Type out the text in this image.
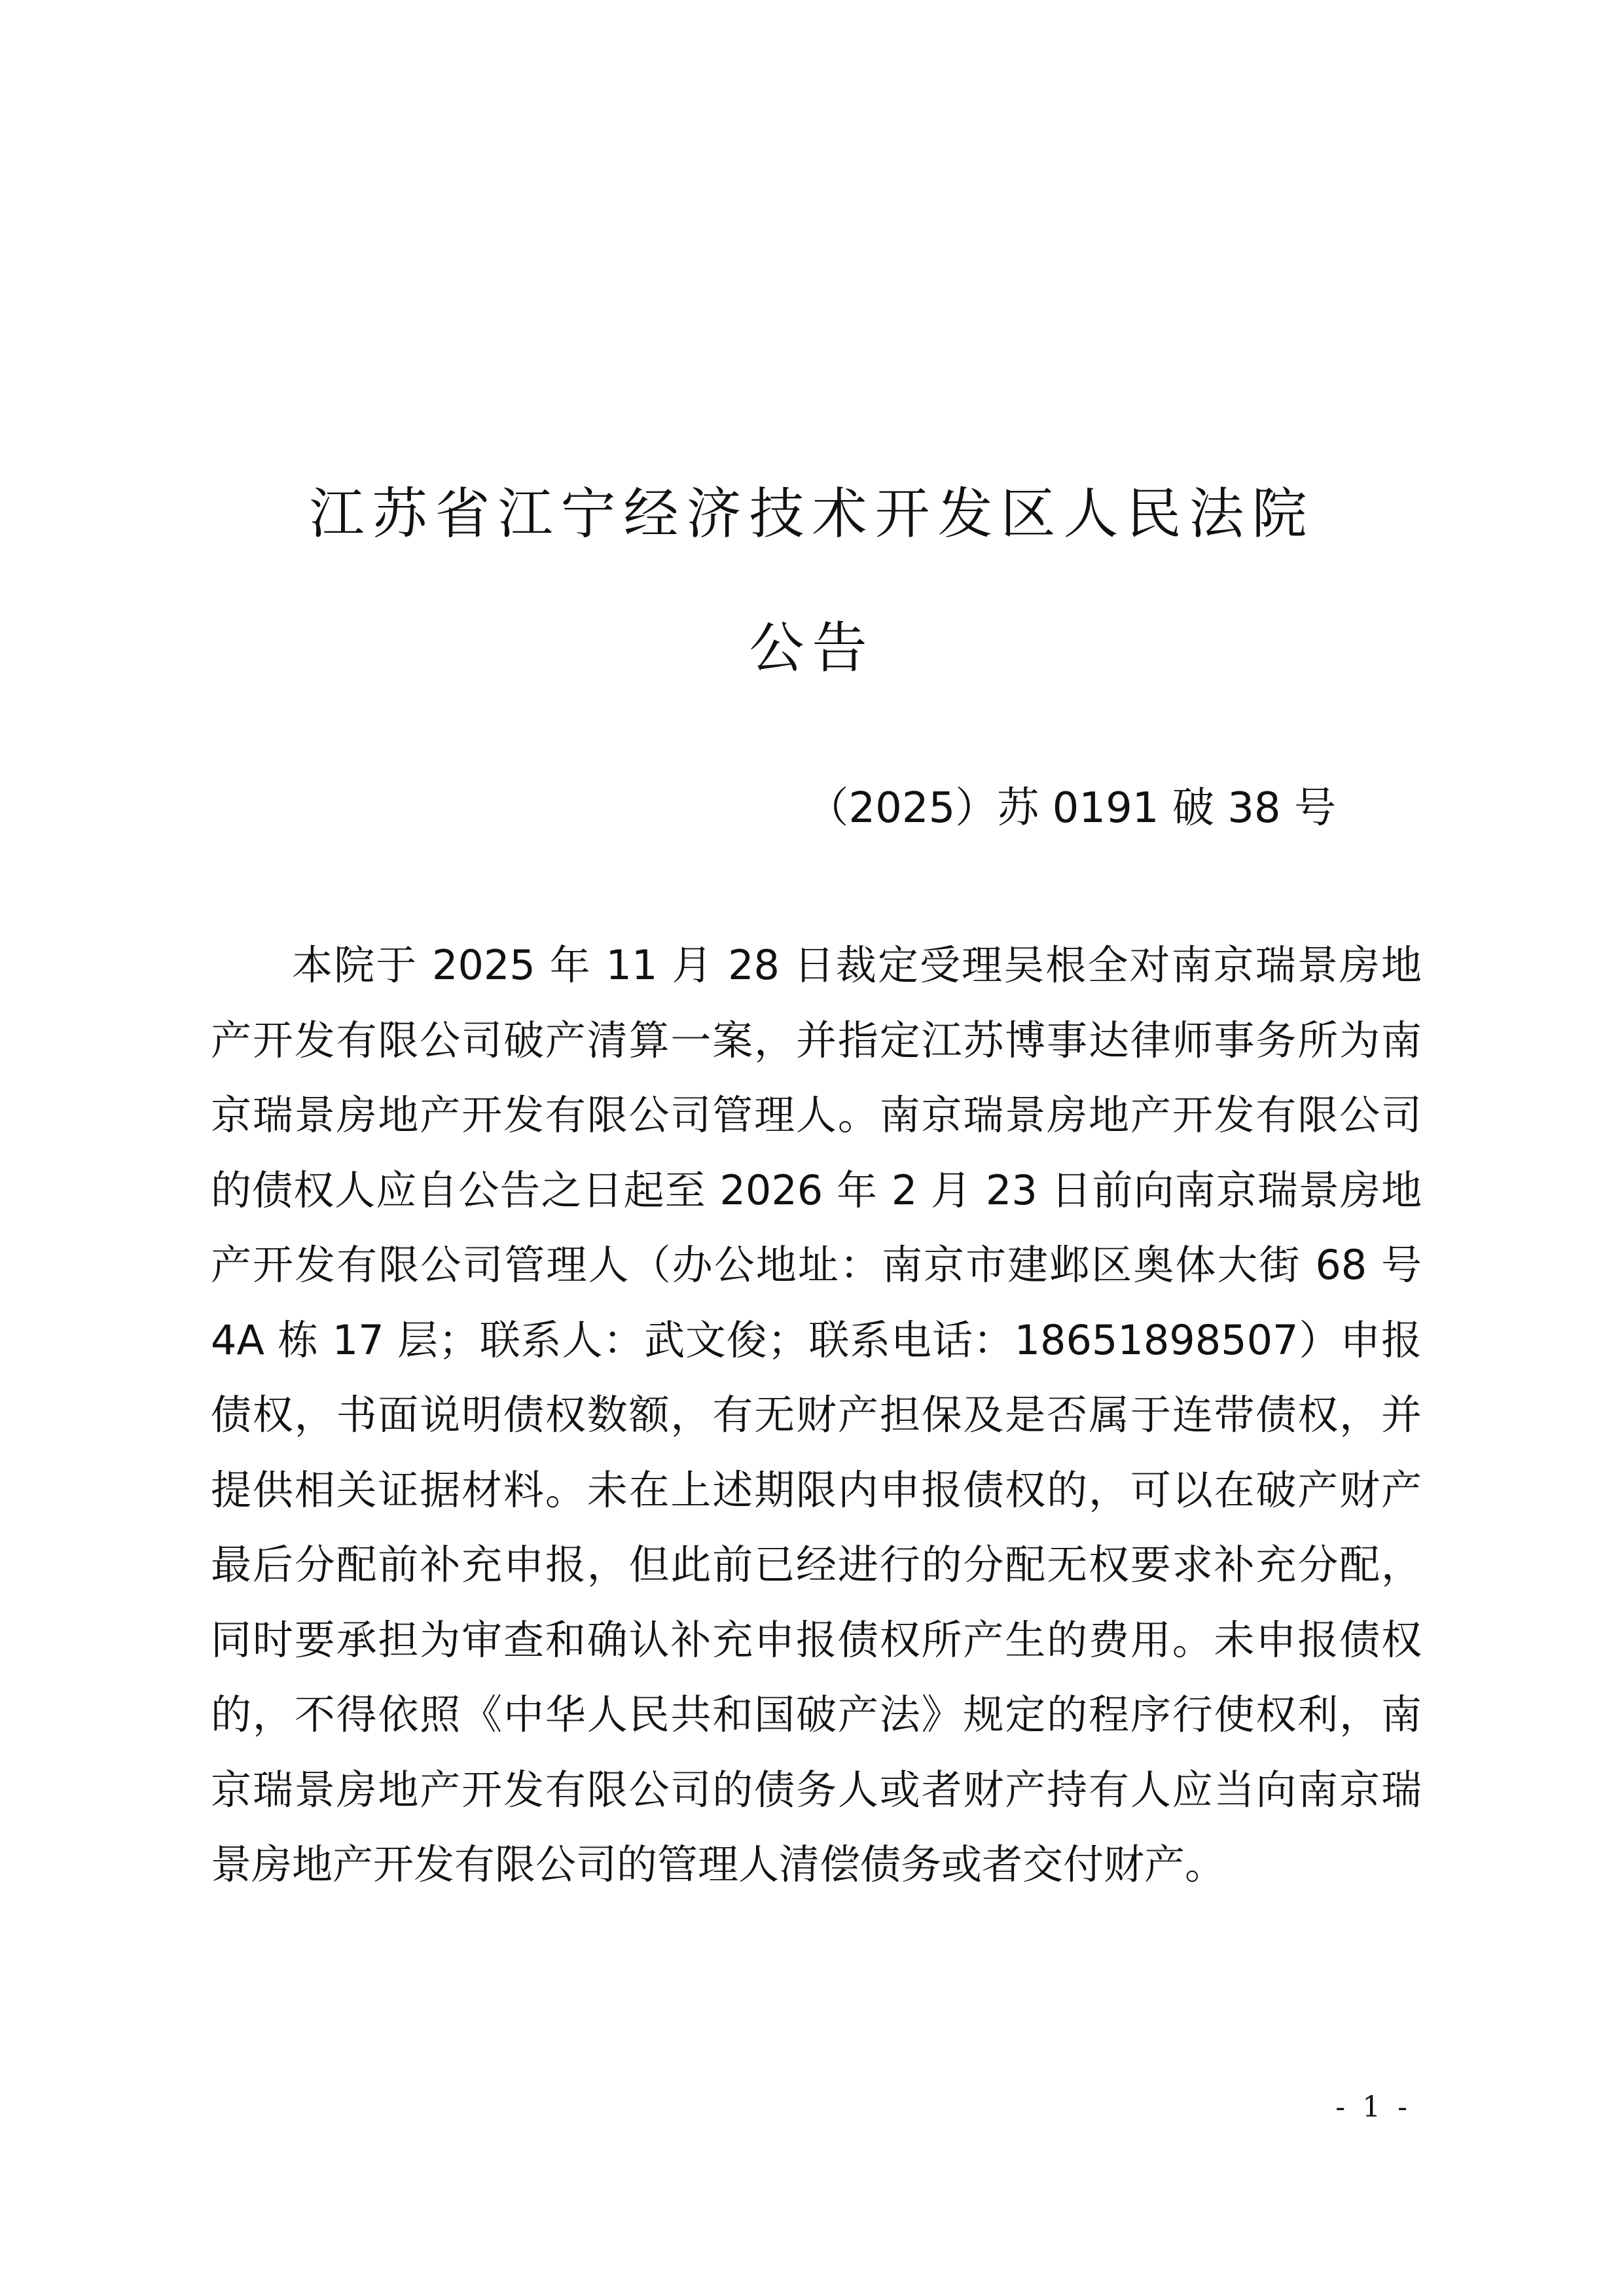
江苏省江宁经济技术开发区人民法院
公告
（2025）苏 0191 破 38 号

本院于 2025 年 11 月 28 日裁定受理吴根全对南京瑞景房地产开发有限公司破产清算一案，并指定江苏博事达律师事务所为南京瑞景房地产开发有限公司管理人。南京瑞景房地产开发有限公司的债权人应自公告之日起至 2026 年 2 月 23 日前向南京瑞景房地产开发有限公司管理人（办公地址：南京市建邺区奥体大街 68 号 4A 栋 17 层；联系人：武文俊；联系电话：18651898507）申报债权，书面说明债权数额，有无财产担保及是否属于连带债权，并提供相关证据材料。未在上述期限内申报债权的，可以在破产财产最后分配前补充申报，但此前已经进行的分配无权要求补充分配，同时要承担为审查和确认补充申报债权所产生的费用。未申报债权的，不得依照《中华人民共和国破产法》规定的程序行使权利，南京瑞景房地产开发有限公司的债务人或者财产持有人应当向南京瑞景房地产开发有限公司的管理人清偿债务或者交付财产。

- 1 -
